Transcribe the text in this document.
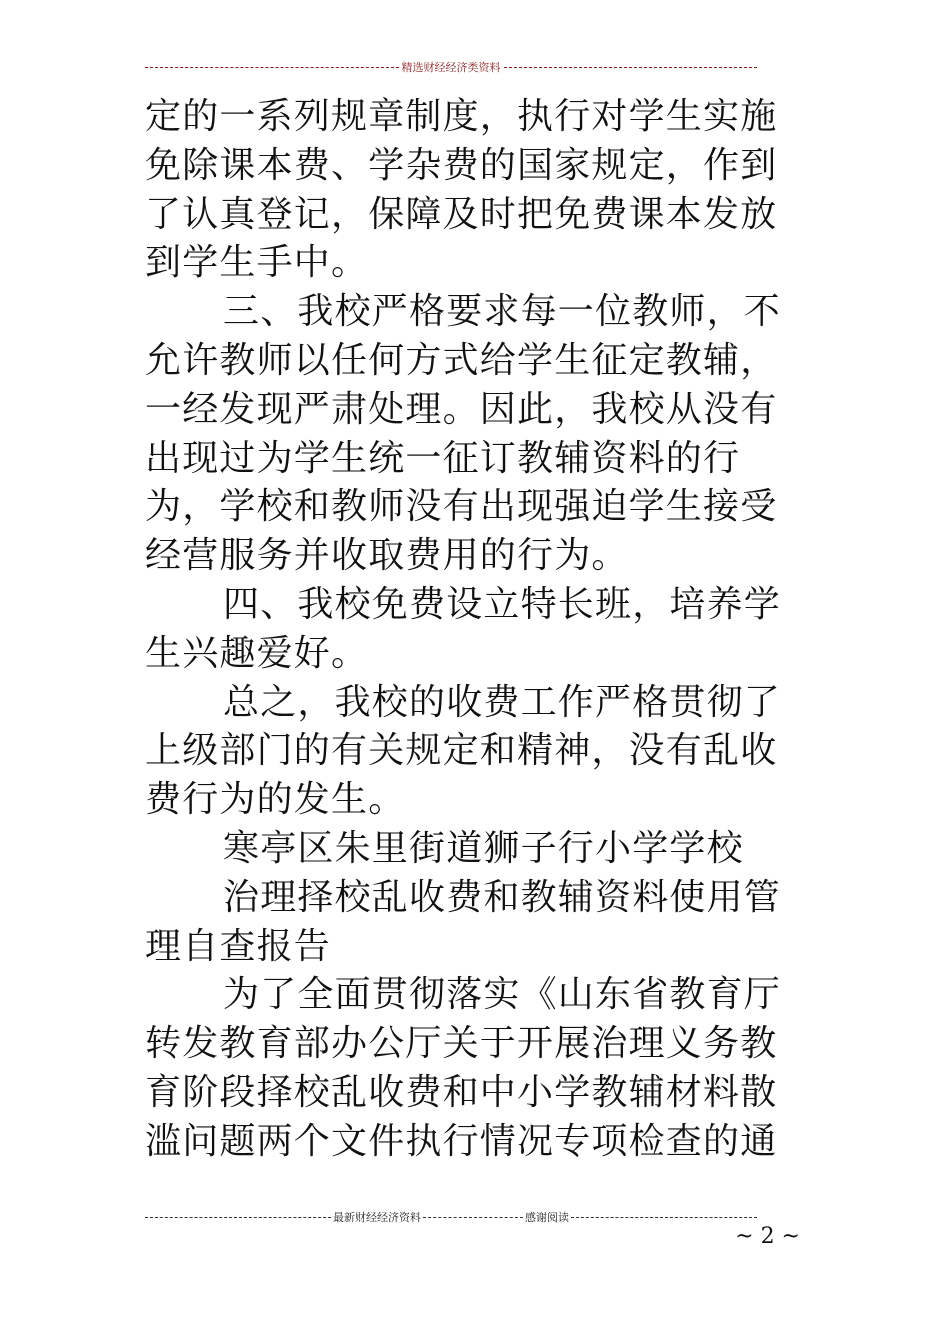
精选财经经济类资料
定的一系列规章制度，执行对学生实施
免除课本费、学杂费的国家规定，作到
了认真登记，保障及时把免费课本发放
到学生手中。
三、我校严格要求每一位教师，不
允许教师以任何方式给学生征定教辅，
一经发现严肃处理。因此，我校从没有
出现过为学生统一征订教辅资料的行
为，学校和教师没有出现强迫学生接受
经营服务并收取费用的行为。
四、我校免费设立特长班，培养学
生兴趣爱好。
总之，我校的收费工作严格贯彻了
上级部门的有关规定和精神，没有乱收
费行为的发生。
寒亭区朱里街道狮子行小学学校
治理择校乱收费和教辅资料使用管
理自查报告
为了全面贯彻落实《山东省教育厅
转发教育部办公厅关于开展治理义务教
育阶段择校乱收费和中小学教辅材料散
滥问题两个文件执行情况专项检查的通
最新财经经济资料	感谢阅读
~ 2 ~
